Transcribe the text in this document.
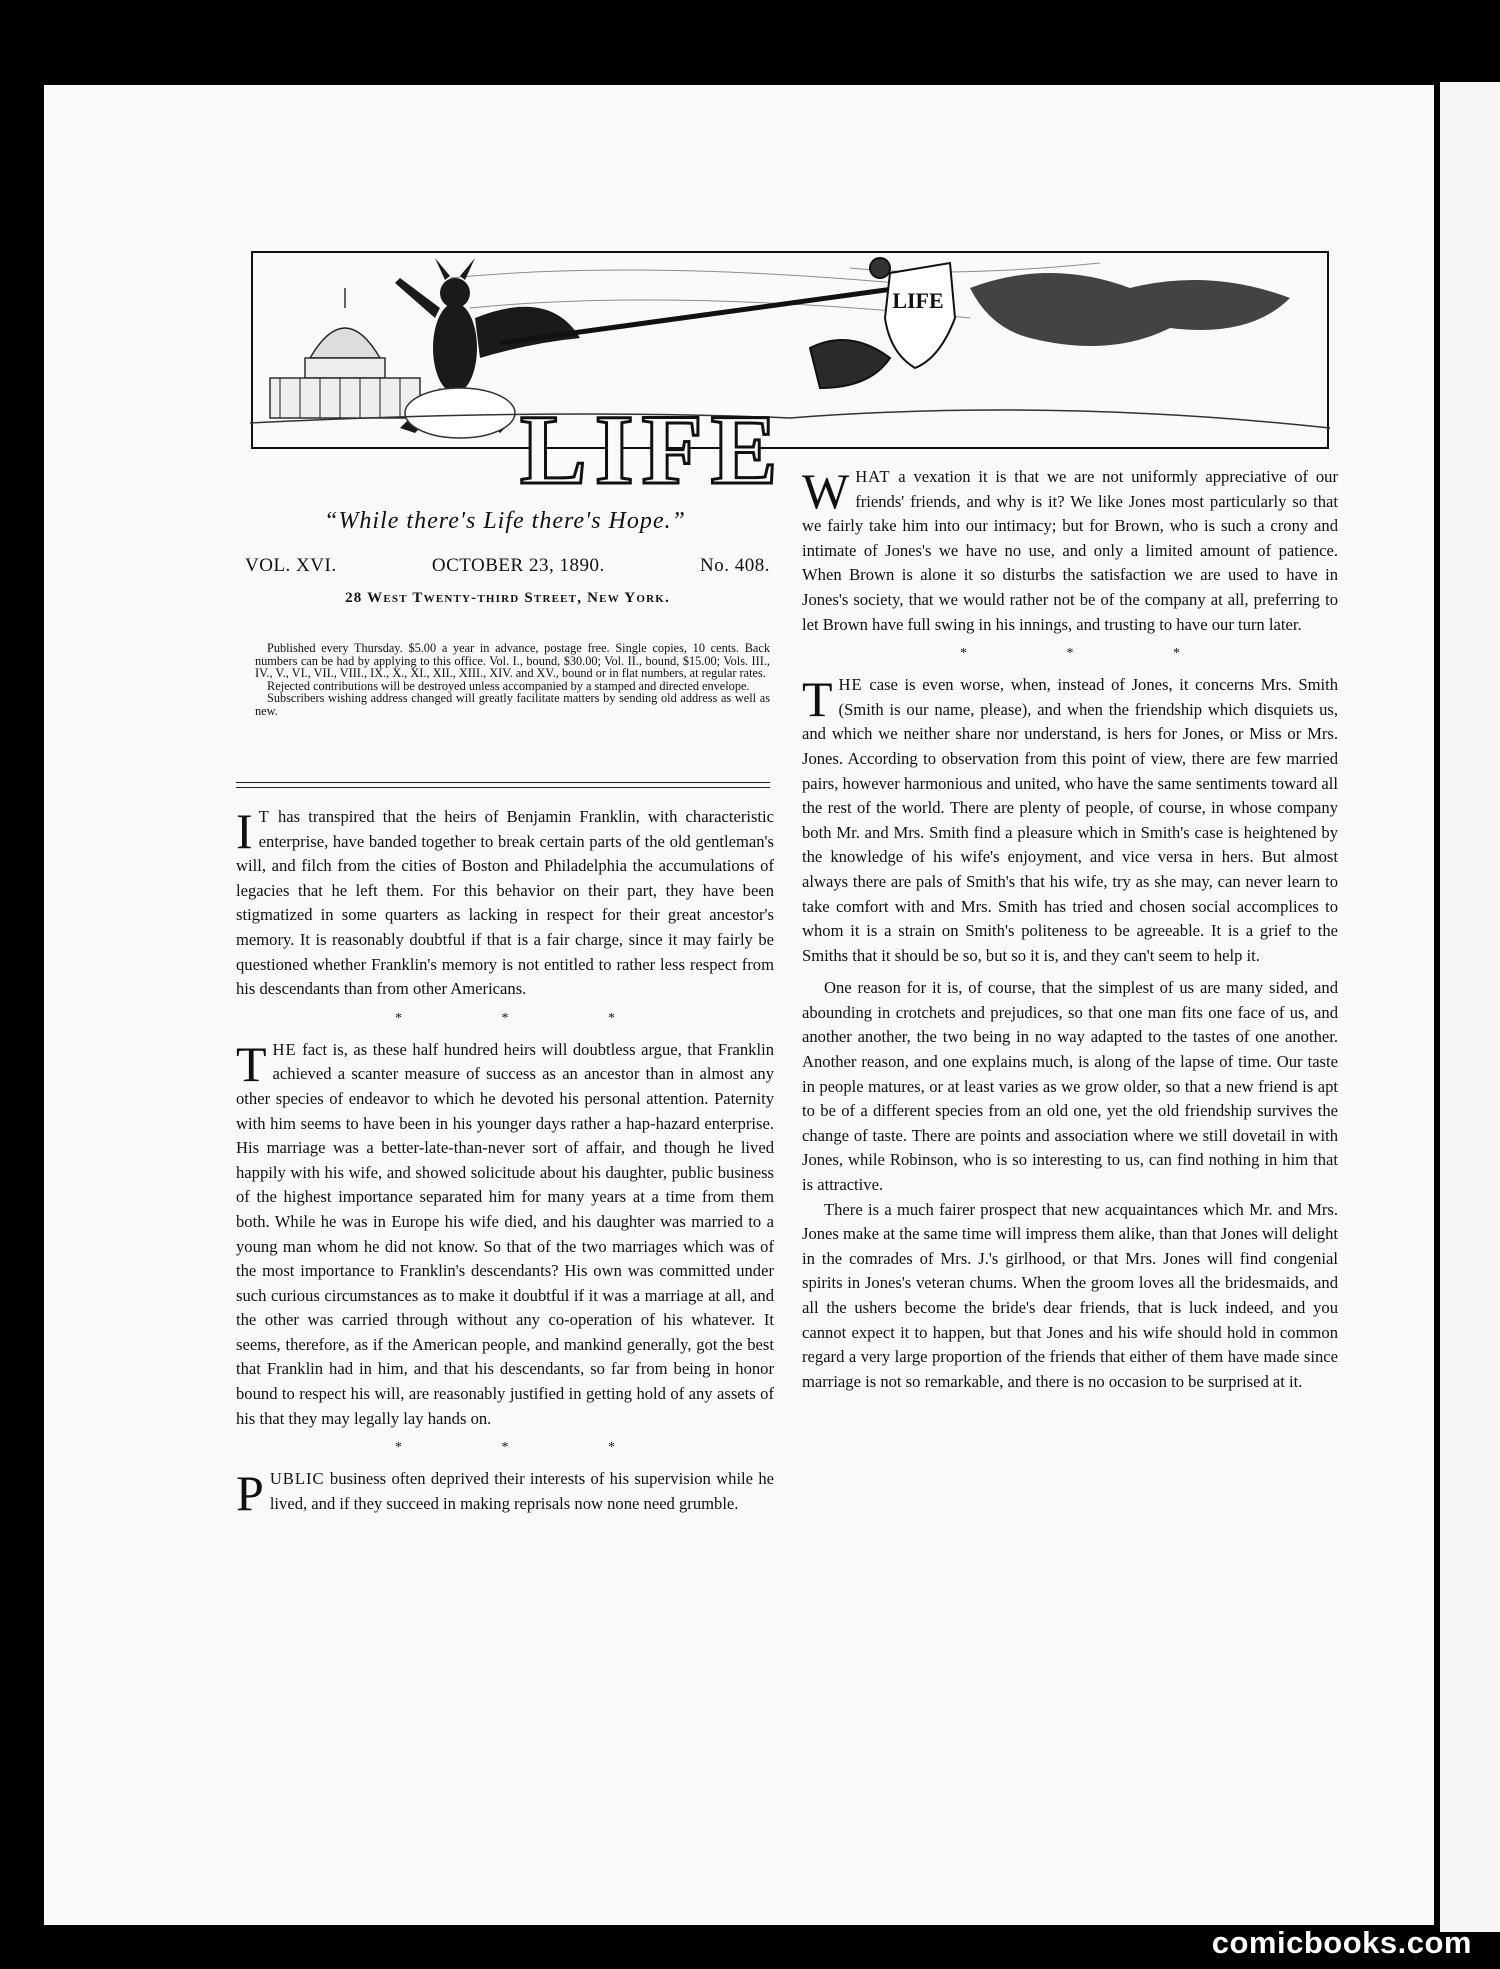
LIFE
LIFE
“While there's Life there's Hope.”
VOL. XVI.	OCTOBER 23, 1890.	No. 408.
28 West Twenty-third Street, New York.

Published every Thursday. $5.00 a year in advance, postage free. Single copies, 10 cents. Back numbers can be had by applying to this office. Vol. I., bound, $30.00; Vol. II., bound, $15.00; Vols. III., IV., V., VI., VII., VIII., IX., X., XI., XII., XIII., XIV. and XV., bound or in flat numbers, at regular rates.

Rejected contributions will be destroyed unless accompanied by a stamped and directed envelope.

Subscribers wishing address changed will greatly facilitate matters by sending old address as well as new.

I T has transpired that the heirs of Benjamin Franklin, with characteristic enterprise, have banded together to break certain parts of the old gentleman's will, and filch from the cities of Boston and Philadelphia the accumulations of legacies that he left them. For this behavior on their part, they have been stigmatized in some quarters as lacking in respect for their great ancestor's memory. It is reasonably doubtful if that is a fair charge, since it may fairly be questioned whether Franklin's memory is not entitled to rather less respect from his descendants than from other Americans.

* * *

THE fact is, as these half hundred heirs will doubtless argue, that Franklin achieved a scanter measure of success as an ancestor than in almost any other species of endeavor to which he devoted his personal attention. Paternity with him seems to have been in his younger days rather a hap-hazard enterprise. His marriage was a better-late-than-never sort of affair, and though he lived happily with his wife, and showed solicitude about his daughter, public business of the highest importance separated him for many years at a time from them both. While he was in Europe his wife died, and his daughter was married to a young man whom he did not know. So that of the two marriages which was of the most importance to Franklin's descendants? His own was committed under such curious circumstances as to make it doubtful if it was a marriage at all, and the other was carried through without any co-operation of his whatever. It seems, therefore, as if the American people, and mankind generally, got the best that Franklin had in him, and that his descendants, so far from being in honor bound to respect his will, are reasonably justified in getting hold of any assets of his that they may legally lay hands on.

* * *

PUBLIC business often deprived their interests of his supervision while he lived, and if they succeed in making reprisals now none need grumble.

WHAT a vexation it is that we are not uniformly appreciative of our friends' friends, and why is it? We like Jones most particularly so that we fairly take him into our intimacy; but for Brown, who is such a crony and intimate of Jones's we have no use, and only a limited amount of patience. When Brown is alone it so disturbs the satisfaction we are used to have in Jones's society, that we would rather not be of the company at all, preferring to let Brown have full swing in his innings, and trusting to have our turn later.

* * *

THE case is even worse, when, instead of Jones, it concerns Mrs. Smith (Smith is our name, please), and when the friendship which disquiets us, and which we neither share nor understand, is hers for Jones, or Miss or Mrs. Jones. According to observation from this point of view, there are few married pairs, however harmonious and united, who have the same sentiments toward all the rest of the world. There are plenty of people, of course, in whose company both Mr. and Mrs. Smith find a pleasure which in Smith's case is heightened by the knowledge of his wife's enjoyment, and vice versa in hers. But almost always there are pals of Smith's that his wife, try as she may, can never learn to take comfort with and Mrs. Smith has tried and chosen social accomplices to whom it is a strain on Smith's politeness to be agreeable. It is a grief to the Smiths that it should be so, but so it is, and they can't seem to help it.

One reason for it is, of course, that the simplest of us are many sided, and abounding in crotchets and prejudices, so that one man fits one face of us, and another another, the two being in no way adapted to the tastes of one another. Another reason, and one explains much, is along of the lapse of time. Our taste in people matures, or at least varies as we grow older, so that a new friend is apt to be of a different species from an old one, yet the old friendship survives the change of taste. There are points and association where we still dovetail in with Jones, while Robinson, who is so interesting to us, can find nothing in him that is attractive.

There is a much fairer prospect that new acquaintances which Mr. and Mrs. Jones make at the same time will impress them alike, than that Jones will delight in the comrades of Mrs. J.'s girlhood, or that Mrs. Jones will find congenial spirits in Jones's veteran chums. When the groom loves all the bridesmaids, and all the ushers become the bride's dear friends, that is luck indeed, and you cannot expect it to happen, but that Jones and his wife should hold in common regard a very large proportion of the friends that either of them have made since marriage is not so remarkable, and there is no occasion to be surprised at it.

comicbooks.com
